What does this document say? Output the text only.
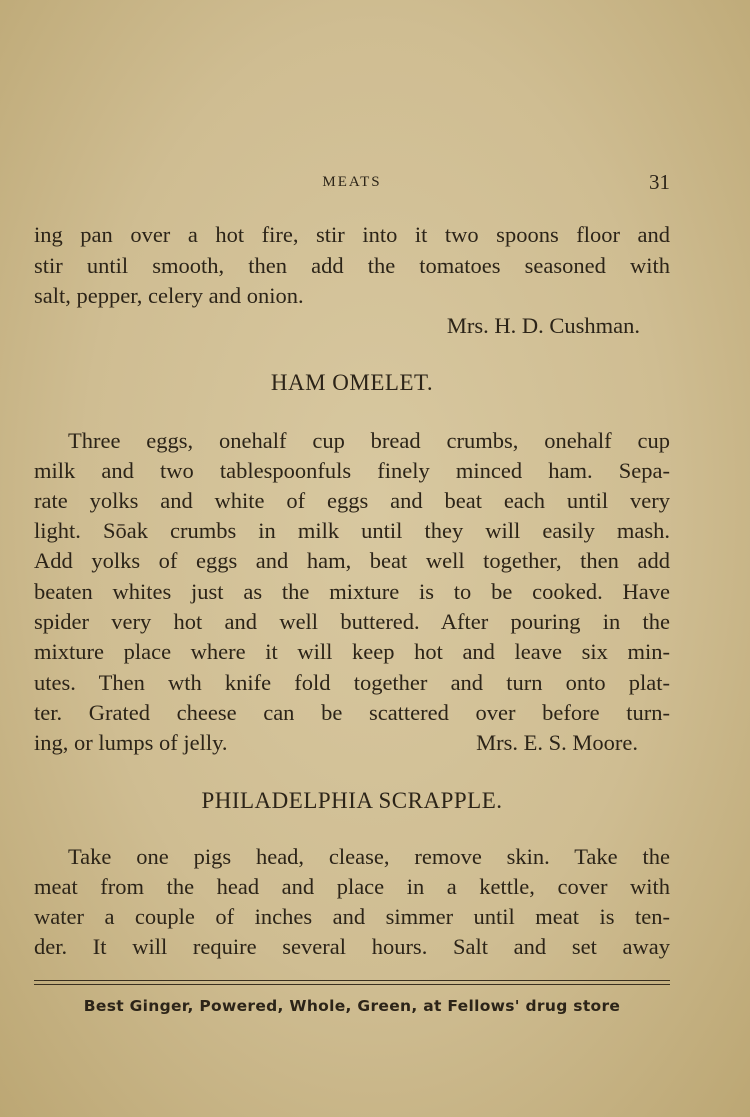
MEATS	31
ing pan over a hot fire, stir into it two spoons floor and
stir until smooth, then add the tomatoes seasoned with
salt, pepper, celery and onion.
Mrs. H. D. Cushman.
HAM OMELET.
Three eggs, onehalf cup bread crumbs, onehalf cup
milk and two tablespoonfuls finely minced ham. Sepa-
rate yolks and white of eggs and beat each until very
light. Sōak crumbs in milk until they will easily mash.
Add yolks of eggs and ham, beat well together, then add
beaten whites just as the mixture is to be cooked. Have
spider very hot and well buttered. After pouring in the
mixture place where it will keep hot and leave six min-
utes. Then wth knife fold together and turn onto plat-
ter. Grated cheese can be scattered over before turn-
ing, or lumps of jelly.	Mrs. E. S. Moore.
PHILADELPHIA SCRAPPLE.
Take one pigs head, clease, remove skin. Take the
meat from the head and place in a kettle, cover with
water a couple of inches and simmer until meat is ten-
der. It will require several hours. Salt and set away
Best Ginger, Powered, Whole, Green, at Fellows' drug store
